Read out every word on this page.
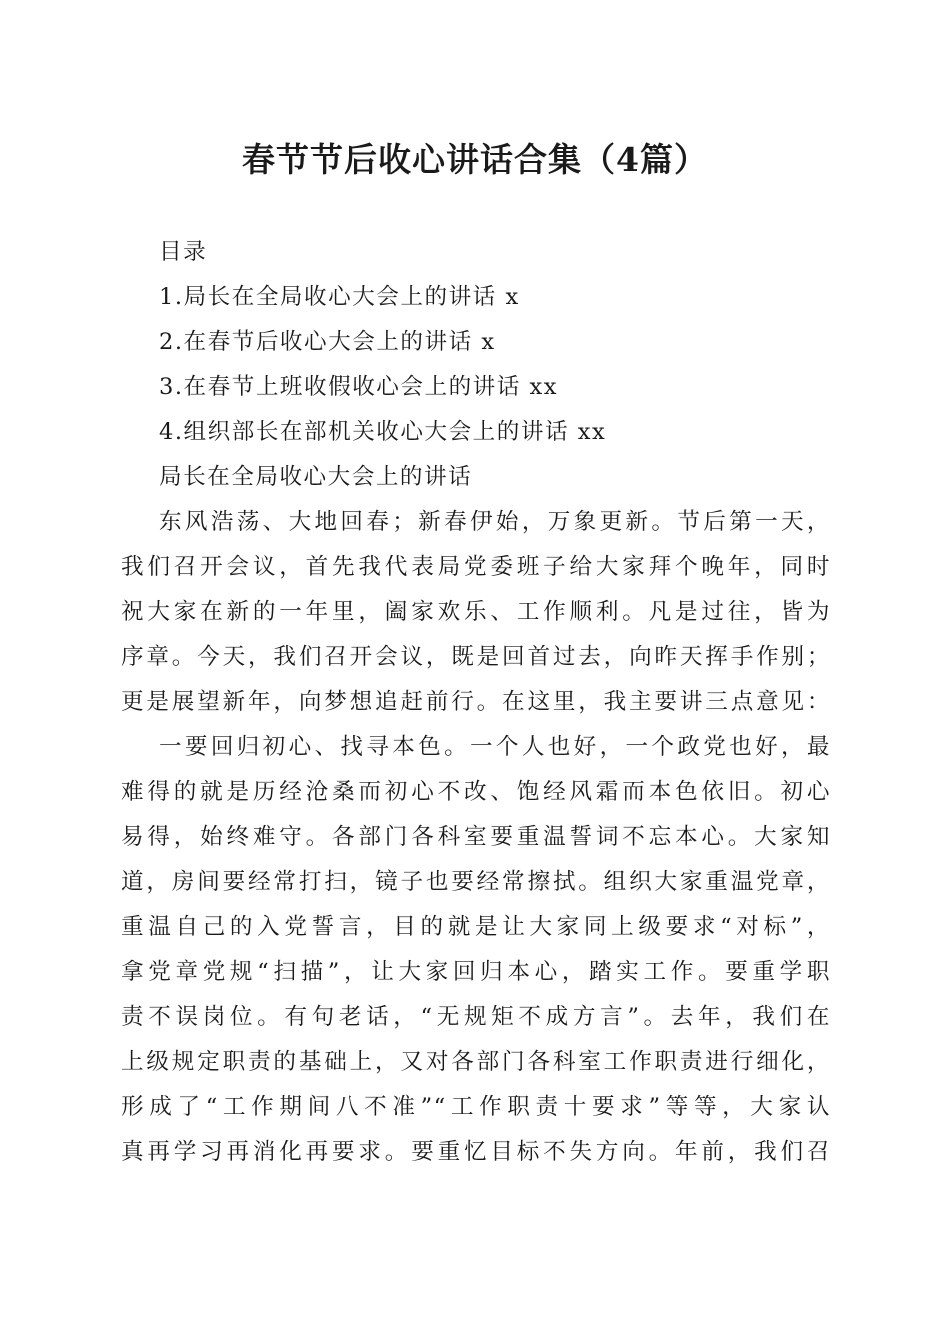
春节节后收心讲话合集（4篇）
目录
1.局长在全局收心大会上的讲话 x
2.在春节后收心大会上的讲话 x
3.在春节上班收假收心会上的讲话 xx
4.组织部长在部机关收心大会上的讲话 xx
局长在全局收心大会上的讲话
东风浩荡、大地回春；新春伊始，万象更新。节后第一天，
我们召开会议，首先我代表局党委班子给大家拜个晚年，同时
祝大家在新的一年里，阖家欢乐、工作顺利。凡是过往，皆为
序章。今天，我们召开会议，既是回首过去，向昨天挥手作别；
更是展望新年，向梦想追赶前行。在这里，我主要讲三点意见：
一要回归初心、找寻本色。一个人也好，一个政党也好，最
难得的就是历经沧桑而初心不改、饱经风霜而本色依旧。初心
易得，始终难守。各部门各科室要重温誓词不忘本心。大家知
道，房间要经常打扫，镜子也要经常擦拭。组织大家重温党章，
重温自己的入党誓言，目的就是让大家同上级要求“对标”，
拿党章党规“扫描”，让大家回归本心，踏实工作。要重学职
责不误岗位。有句老话，“无规矩不成方言”。去年，我们在
上级规定职责的基础上，又对各部门各科室工作职责进行细化，
形成了“工作期间八不准”“工作职责十要求”等等，大家认
真再学习再消化再要求。要重忆目标不失方向。年前，我们召
